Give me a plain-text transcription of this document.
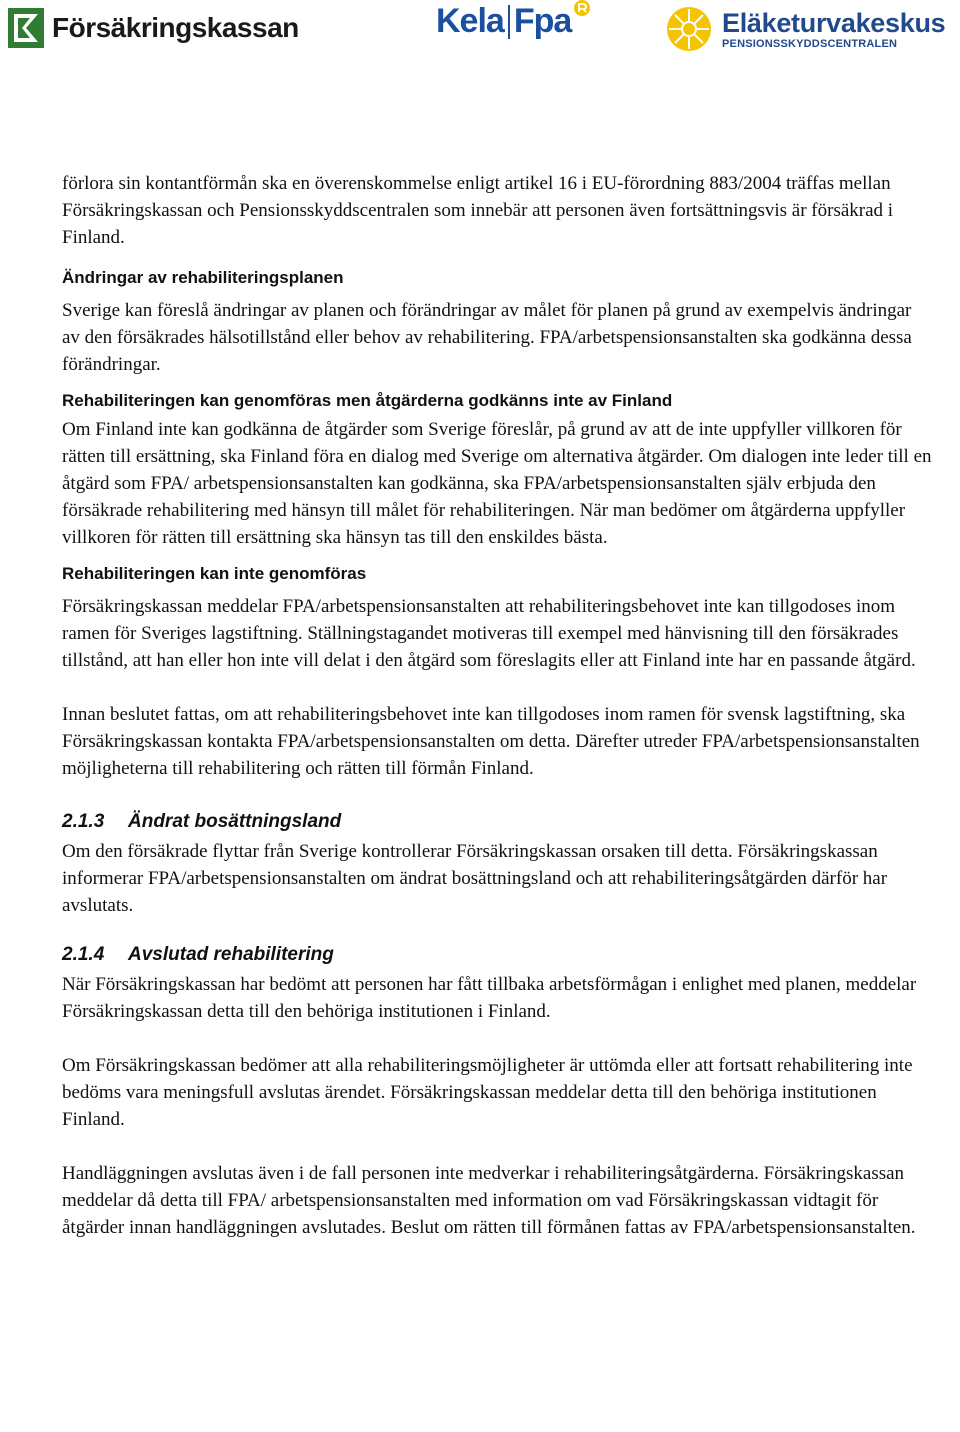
Försäkringskassan	Kela Fpa	Eläketurvakeskus
PENSIONSSKYDDSCENTRALEN

förlora sin kontantförmån ska en överenskommelse enligt artikel 16 i EU-förordning 883/2004 träffas mellan Försäkringskassan och Pensionsskyddscentralen som innebär att personen även fortsättningsvis är försäkrad i Finland.

Ändringar av rehabiliteringsplanen

Sverige kan föreslå ändringar av planen och förändringar av målet för planen på grund av exempelvis ändringar av den försäkrades hälsotillstånd eller behov av rehabilitering. FPA/arbetspensionsanstalten ska godkänna dessa förändringar.

Rehabiliteringen kan genomföras men åtgärderna godkänns inte av Finland

Om Finland inte kan godkänna de åtgärder som Sverige föreslår, på grund av att de inte uppfyller villkoren för rätten till ersättning, ska Finland föra en dialog med Sverige om alternativa åtgärder. Om dialogen inte leder till en åtgärd som FPA/ arbetspensionsanstalten kan godkänna, ska FPA/arbetspensionsanstalten själv erbjuda den försäkrade rehabilitering med hänsyn till målet för rehabiliteringen. När man bedömer om åtgärderna uppfyller villkoren för rätten till ersättning ska hänsyn tas till den enskildes bästa.

Rehabiliteringen kan inte genomföras

Försäkringskassan meddelar FPA/arbetspensionsanstalten att rehabiliteringsbehovet inte kan tillgodoses inom ramen för Sveriges lagstiftning. Ställningstagandet motiveras till exempel med hänvisning till den försäkrades tillstånd, att han eller hon inte vill delat i den åtgärd som föreslagits eller att Finland inte har en passande åtgärd.

Innan beslutet fattas, om att rehabiliteringsbehovet inte kan tillgodoses inom ramen för svensk lagstiftning, ska Försäkringskassan kontakta FPA/arbetspensionsanstalten om detta. Därefter utreder FPA/arbetspensionsanstalten möjligheterna till rehabilitering och rätten till förmån Finland.

2.1.3 Ändrat bosättningsland

Om den försäkrade flyttar från Sverige kontrollerar Försäkringskassan orsaken till detta. Försäkringskassan informerar FPA/arbetspensionsanstalten om ändrat bosättningsland och att rehabiliteringsåtgärden därför har avslutats.

2.1.4 Avslutad rehabilitering

När Försäkringskassan har bedömt att personen har fått tillbaka arbetsförmågan i enlighet med planen, meddelar Försäkringskassan detta till den behöriga institutionen i Finland.

Om Försäkringskassan bedömer att alla rehabiliteringsmöjligheter är uttömda eller att fortsatt rehabilitering inte bedöms vara meningsfull avslutas ärendet. Försäkringskassan meddelar detta till den behöriga institutionen Finland.

Handläggningen avslutas även i de fall personen inte medverkar i rehabiliteringsåtgärderna. Försäkringskassan meddelar då detta till FPA/ arbetspensionsanstalten med information om vad Försäkringskassan vidtagit för åtgärder innan handläggningen avslutades. Beslut om rätten till förmånen fattas av FPA/arbetspensionsanstalten.
